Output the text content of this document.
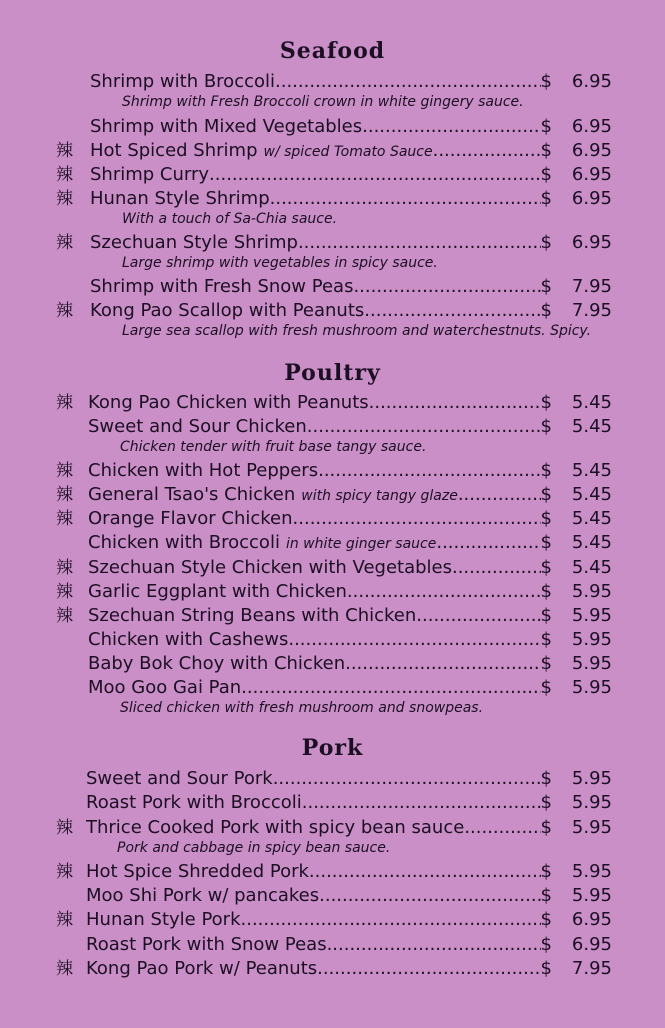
Seafood
Shrimp with Broccoli .....	$	6.95
Shrimp with Fresh Broccoli crown in white gingery sauce.
Shrimp with Mixed Vegetables .....	$	6.95
辣 Hot Spiced Shrimp w/ spiced Tomato Sauce .....	$	6.95
辣 Shrimp Curry .....	$	6.95
辣 Hunan Style Shrimp .....	$	6.95
With a touch of Sa-Chia sauce.
辣 Szechuan Style Shrimp .....	$	6.95
Large shrimp with vegetables in spicy sauce.
Shrimp with Fresh Snow Peas .....	$	7.95
辣 Kong Pao Scallop with Peanuts .....	$	7.95
Large sea scallop with fresh mushroom and waterchestnuts. Spicy.
Poultry
辣 Kong Pao Chicken with Peanuts .....	$	5.45
Sweet and Sour Chicken .....	$	5.45
Chicken tender with fruit base tangy sauce.
辣 Chicken with Hot Peppers .....	$	5.45
辣 General Tsao's Chicken with spicy tangy glaze .....	$	5.45
辣 Orange Flavor Chicken .....	$	5.45
Chicken with Broccoli in white ginger sauce .....	$	5.45
辣 Szechuan Style Chicken with Vegetables .....	$	5.45
辣 Garlic Eggplant with Chicken .....	$	5.95
辣 Szechuan String Beans with Chicken .....	$	5.95
Chicken with Cashews .....	$	5.95
Baby Bok Choy with Chicken .....	$	5.95
Moo Goo Gai Pan .....	$	5.95
Sliced chicken with fresh mushroom and snowpeas.
Pork
Sweet and Sour Pork .....	$	5.95
Roast Pork with Broccoli .....	$	5.95
辣 Thrice Cooked Pork with spicy bean sauce .....	$	5.95
Pork and cabbage in spicy bean sauce.
辣 Hot Spice Shredded Pork .....	$	5.95
Moo Shi Pork w/ pancakes .....	$	5.95
辣 Hunan Style Pork .....	$	6.95
Roast Pork with Snow Peas .....	$	6.95
辣 Kong Pao Pork w/ Peanuts .....	$	7.95
